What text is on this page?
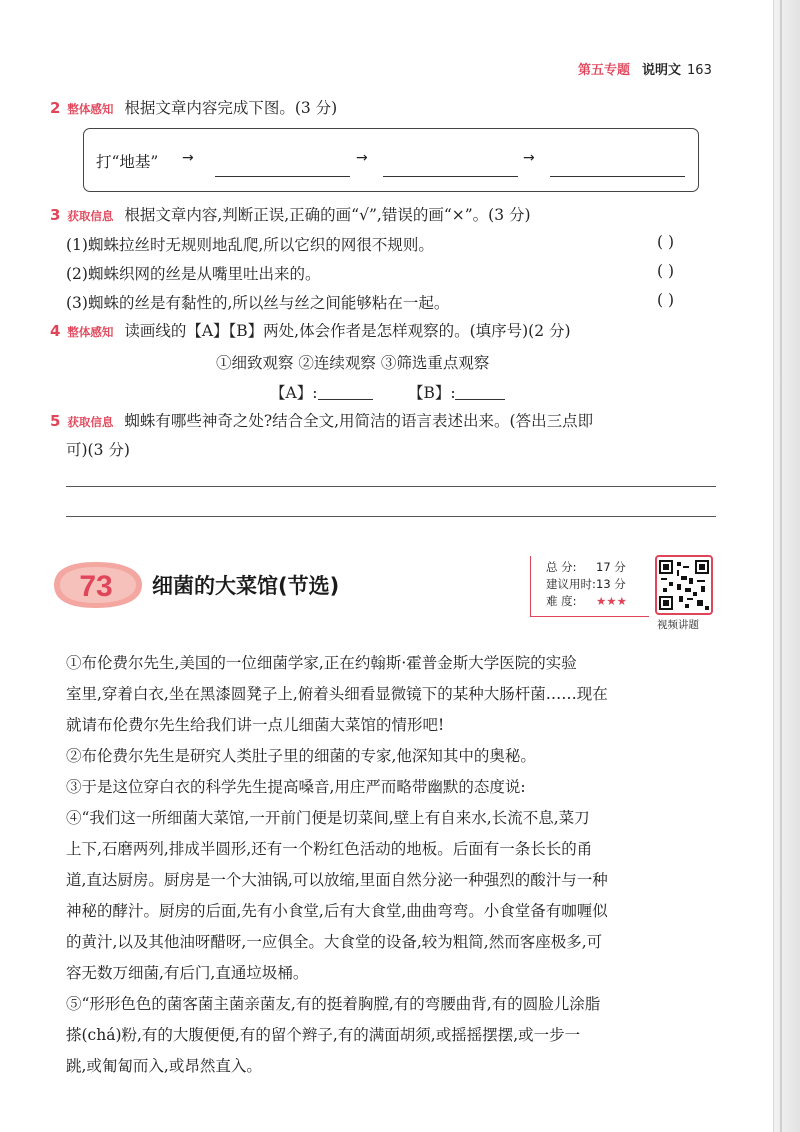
第五专题 说明文 163
2 整体感知 根据文章内容完成下图。(3 分)
打“地基” →	→	→
3 获取信息 根据文章内容,判断正误,正确的画“√”,错误的画“×”。(3 分)
(1)蜘蛛拉丝时无规则地乱爬,所以它织的网很不规则。	( )
(2)蜘蛛织网的丝是从嘴里吐出来的。	( )
(3)蜘蛛的丝是有黏性的,所以丝与丝之间能够粘在一起。	( )
4 整体感知 读画线的【A】【B】两处,体会作者是怎样观察的。(填序号)(2 分)
①细致观察 ②连续观察 ③筛选重点观察
【A】:	【B】:
5 获取信息 蜘蛛有哪些神奇之处?结合全文,用简洁的语言表述出来。(答出三点即
可)(3 分)
73 细菌的大菜馆(节选)
总 分: 17 分
建议用时:13 分
难 度: ★★★
视频讲题
①布伦费尔先生,美国的一位细菌学家,正在约翰斯·霍普金斯大学医院的实验
室里,穿着白衣,坐在黑漆圆凳子上,俯着头细看显微镜下的某种大肠杆菌……现在
就请布伦费尔先生给我们讲一点儿细菌大菜馆的情形吧!
②布伦费尔先生是研究人类肚子里的细菌的专家,他深知其中的奥秘。
③于是这位穿白衣的科学先生提高嗓音,用庄严而略带幽默的态度说:
④“我们这一所细菌大菜馆,一开前门便是切菜间,壁上有自来水,长流不息,菜刀
上下,石磨两列,排成半圆形,还有一个粉红色活动的地板。后面有一条长长的甬
道,直达厨房。厨房是一个大油锅,可以放缩,里面自然分泌一种强烈的酸汁与一种
神秘的酵汁。厨房的后面,先有小食堂,后有大食堂,曲曲弯弯。小食堂备有咖喱似
的黄汁,以及其他油呀醋呀,一应俱全。大食堂的设备,较为粗简,然而客座极多,可
容无数万细菌,有后门,直通垃圾桶。
⑤“形形色色的菌客菌主菌亲菌友,有的挺着胸膛,有的弯腰曲背,有的圆脸儿涂脂
搽(chá)粉,有的大腹便便,有的留个辫子,有的满面胡须,或摇摇摆摆,或一步一
跳,或匍匐而入,或昂然直入。
